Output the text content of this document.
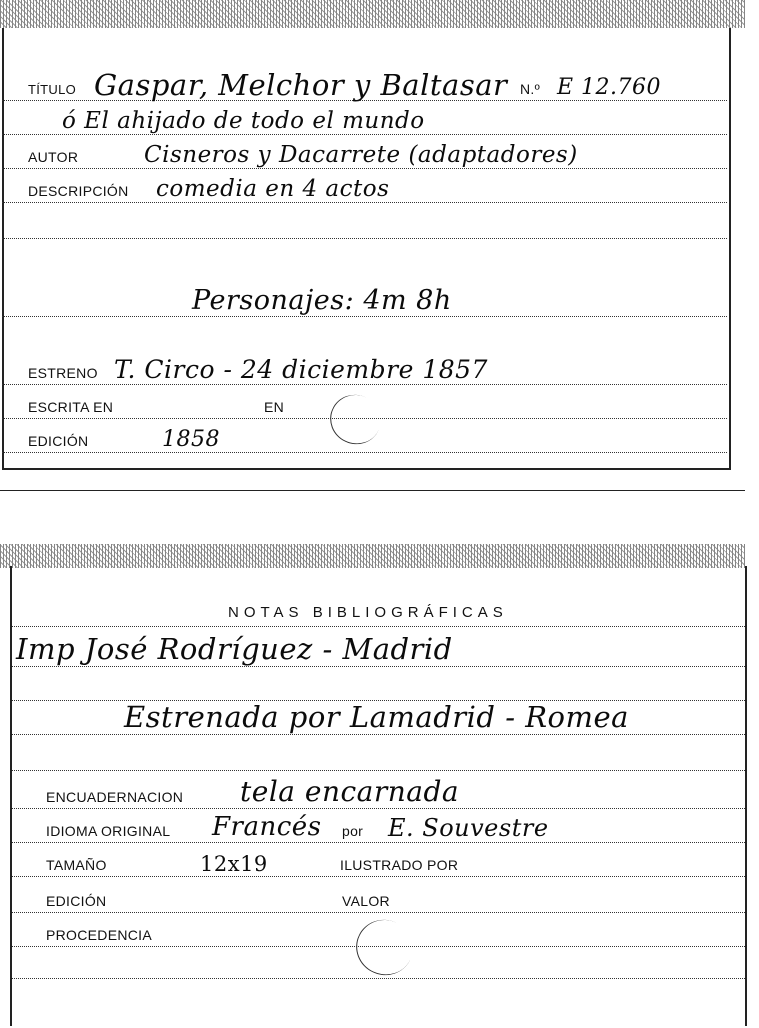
TÍTULO Gaspar, Melchor y Baltasar N.º E 12.760
ó El ahijado de todo el mundo
AUTOR	Cisneros y Dacarrete (adaptadores)
DESCRIPCIÓN comedia en 4 actos
Personajes: 4m 8h
ESTRENO T. Circo - 24 diciembre 1857
ESCRITA EN	EN
EDICIÓN	1858
NOTAS BIBLIOGRÁFICAS
Imp José Rodríguez - Madrid
Estrenada por Lamadrid - Romea
ENCUADERNACION tela encarnada
IDIOMA ORIGINAL Francés por E. Souvestre
TAMAÑO	12x19	ILUSTRADO POR
EDICIÓN	VALOR
PROCEDENCIA
